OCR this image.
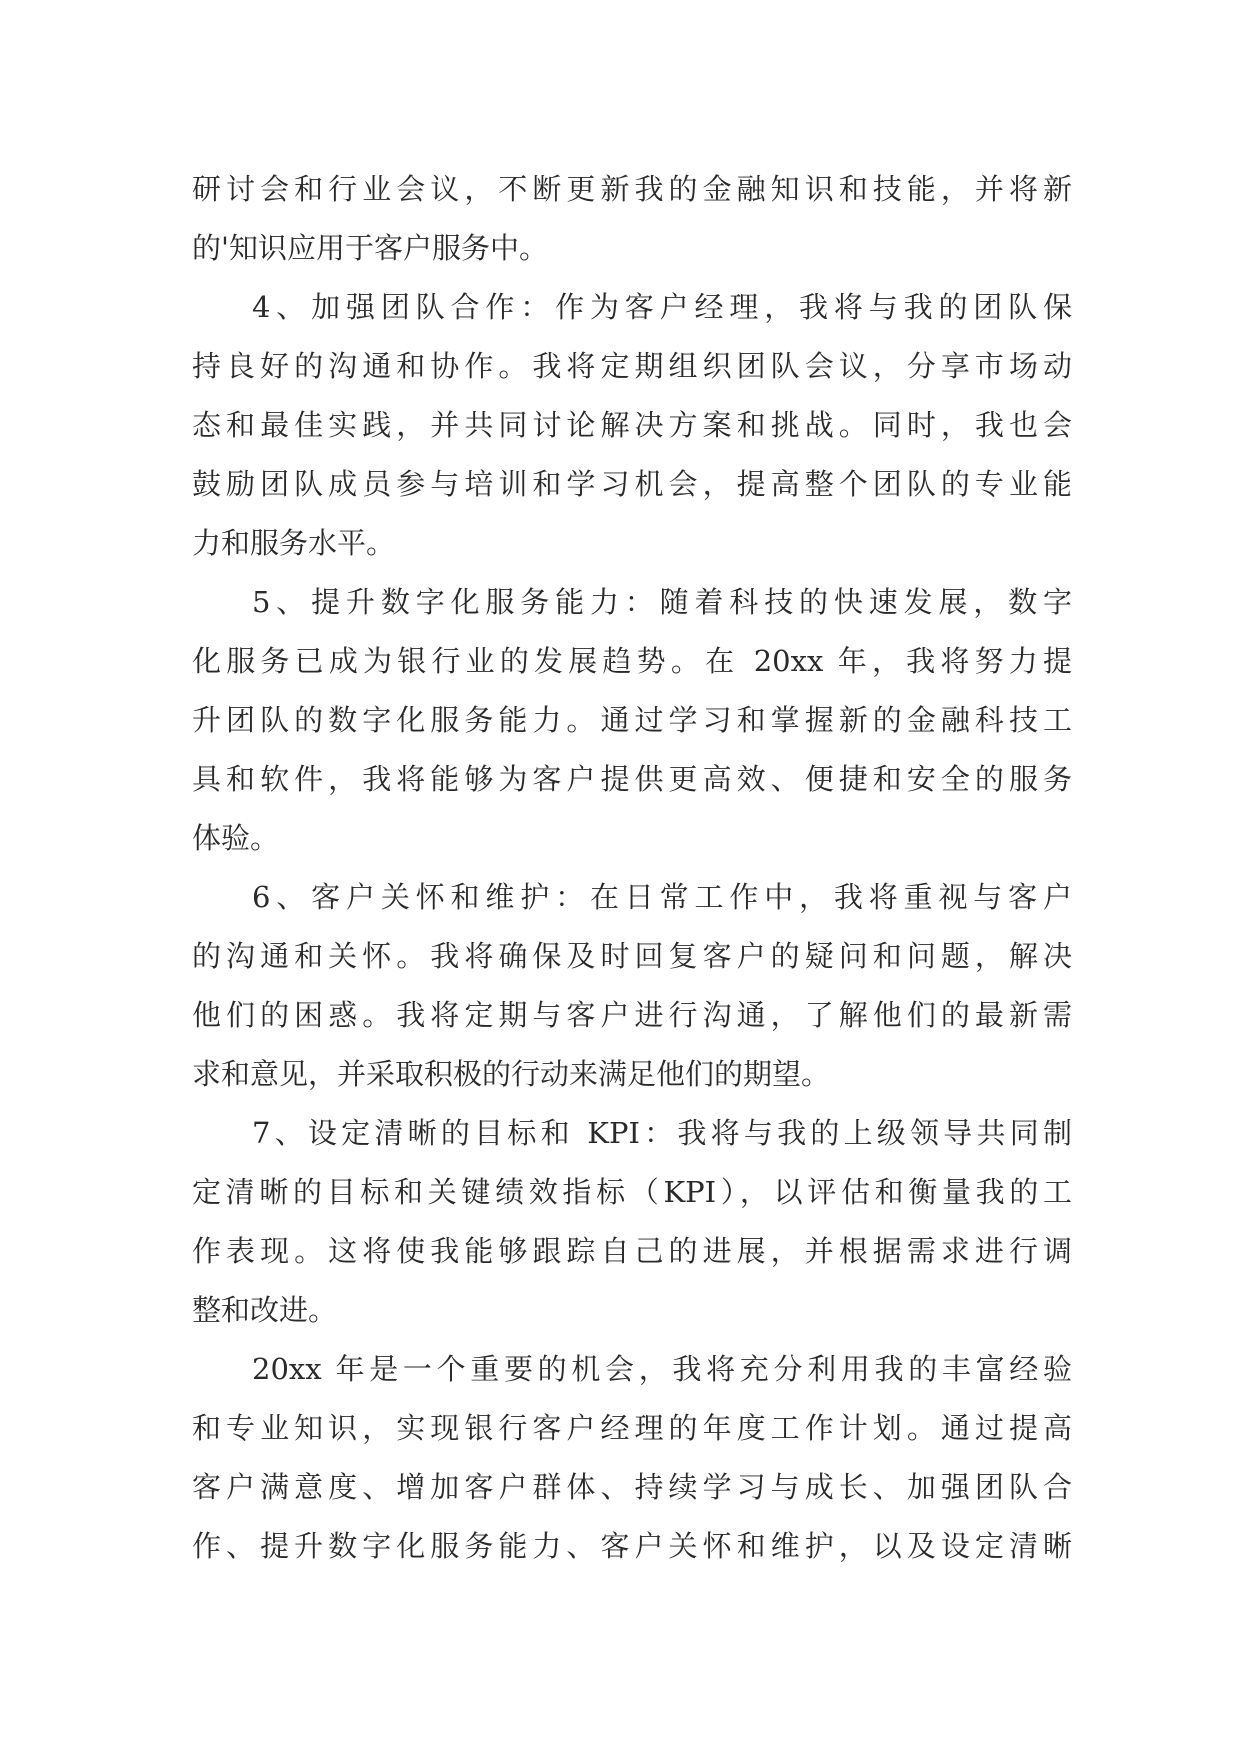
研讨会和行业会议，不断更新我的金融知识和技能，并将新
的'知识应用于客户服务中。
4、加强团队合作：作为客户经理，我将与我的团队保
持良好的沟通和协作。我将定期组织团队会议，分享市场动
态和最佳实践，并共同讨论解决方案和挑战。同时，我也会
鼓励团队成员参与培训和学习机会，提高整个团队的专业能
力和服务水平。
5、提升数字化服务能力：随着科技的快速发展，数字
化服务已成为银行业的发展趋势。在 20xx 年，我将努力提
升团队的数字化服务能力。通过学习和掌握新的金融科技工
具和软件，我将能够为客户提供更高效、便捷和安全的服务
体验。
6、客户关怀和维护：在日常工作中，我将重视与客户
的沟通和关怀。我将确保及时回复客户的疑问和问题，解决
他们的困惑。我将定期与客户进行沟通，了解他们的最新需
求和意见，并采取积极的行动来满足他们的期望。
7、设定清晰的目标和 KPI：我将与我的上级领导共同制
定清晰的目标和关键绩效指标（KPI），以评估和衡量我的工
作表现。这将使我能够跟踪自己的进展，并根据需求进行调
整和改进。
20xx 年是一个重要的机会，我将充分利用我的丰富经验
和专业知识，实现银行客户经理的年度工作计划。通过提高
客户满意度、增加客户群体、持续学习与成长、加强团队合
作、提升数字化服务能力、客户关怀和维护，以及设定清晰
